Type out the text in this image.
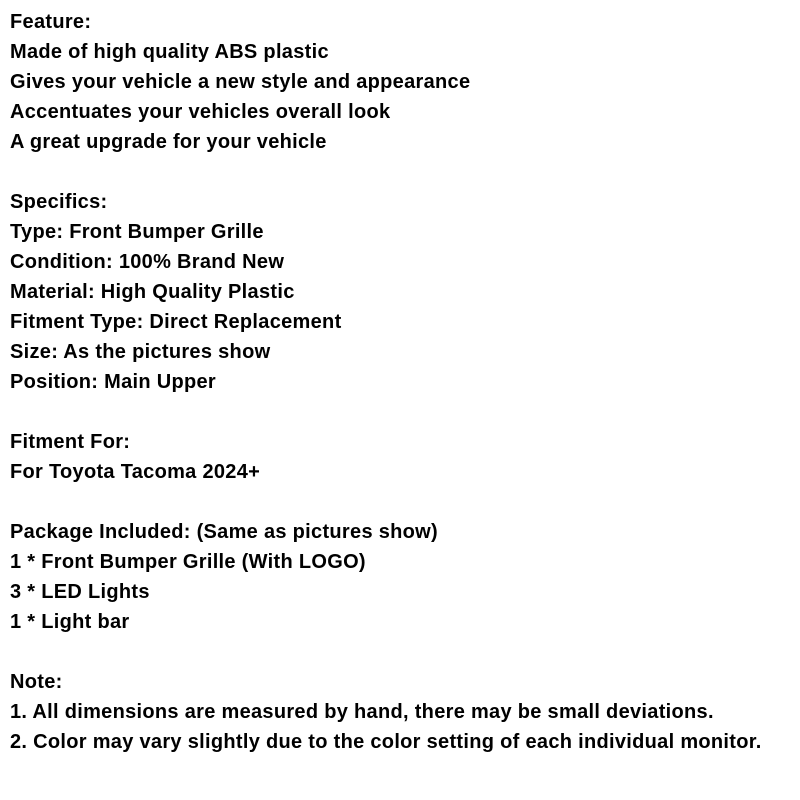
Feature:
Made of high quality ABS plastic
Gives your vehicle a new style and appearance
Accentuates your vehicles overall look
A great upgrade for your vehicle
Specifics:
Type: Front Bumper Grille
Condition: 100% Brand New
Material: High Quality Plastic
Fitment Type: Direct Replacement
Size: As the pictures show
Position: Main Upper
Fitment For:
For Toyota Tacoma 2024+
Package Included: (Same as pictures show)
1 * Front Bumper Grille (With LOGO)
3 * LED Lights
1 * Light bar
Note:
1. All dimensions are measured by hand, there may be small deviations.
2. Color may vary slightly due to the color setting of each individual monitor.
